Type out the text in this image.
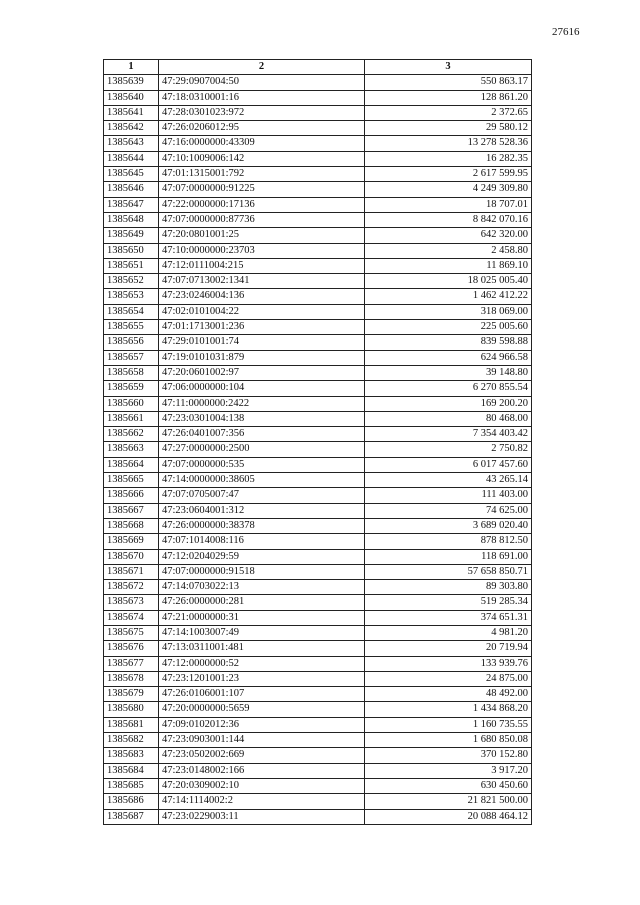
27616
1	2	3
1385639	47:29:0907004:50	550 863.17
1385640	47:18:0310001:16	128 861.20
1385641	47:28:0301023:972	2 372.65
1385642	47:26:0206012:95	29 580.12
1385643	47:16:0000000:43309	13 278 528.36
1385644	47:10:1009006:142	16 282.35
1385645	47:01:1315001:792	2 617 599.95
1385646	47:07:0000000:91225	4 249 309.80
1385647	47:22:0000000:17136	18 707.01
1385648	47:07:0000000:87736	8 842 070.16
1385649	47:20:0801001:25	642 320.00
1385650	47:10:0000000:23703	2 458.80
1385651	47:12:0111004:215	11 869.10
1385652	47:07:0713002:1341	18 025 005.40
1385653	47:23:0246004:136	1 462 412.22
1385654	47:02:0101004:22	318 069.00
1385655	47:01:1713001:236	225 005.60
1385656	47:29:0101001:74	839 598.88
1385657	47:19:0101031:879	624 966.58
1385658	47:20:0601002:97	39 148.80
1385659	47:06:0000000:104	6 270 855.54
1385660	47:11:0000000:2422	169 200.20
1385661	47:23:0301004:138	80 468.00
1385662	47:26:0401007:356	7 354 403.42
1385663	47:27:0000000:2500	2 750.82
1385664	47:07:0000000:535	6 017 457.60
1385665	47:14:0000000:38605	43 265.14
1385666	47:07:0705007:47	111 403.00
1385667	47:23:0604001:312	74 625.00
1385668	47:26:0000000:38378	3 689 020.40
1385669	47:07:1014008:116	878 812.50
1385670	47:12:0204029:59	118 691.00
1385671	47:07:0000000:91518	57 658 850.71
1385672	47:14:0703022:13	89 303.80
1385673	47:26:0000000:281	519 285.34
1385674	47:21:0000000:31	374 651.31
1385675	47:14:1003007:49	4 981.20
1385676	47:13:0311001:481	20 719.94
1385677	47:12:0000000:52	133 939.76
1385678	47:23:1201001:23	24 875.00
1385679	47:26:0106001:107	48 492.00
1385680	47:20:0000000:5659	1 434 868.20
1385681	47:09:0102012:36	1 160 735.55
1385682	47:23:0903001:144	1 680 850.08
1385683	47:23:0502002:669	370 152.80
1385684	47:23:0148002:166	3 917.20
1385685	47:20:0309002:10	630 450.60
1385686	47:14:1114002:2	21 821 500.00
1385687	47:23:0229003:11	20 088 464.12
